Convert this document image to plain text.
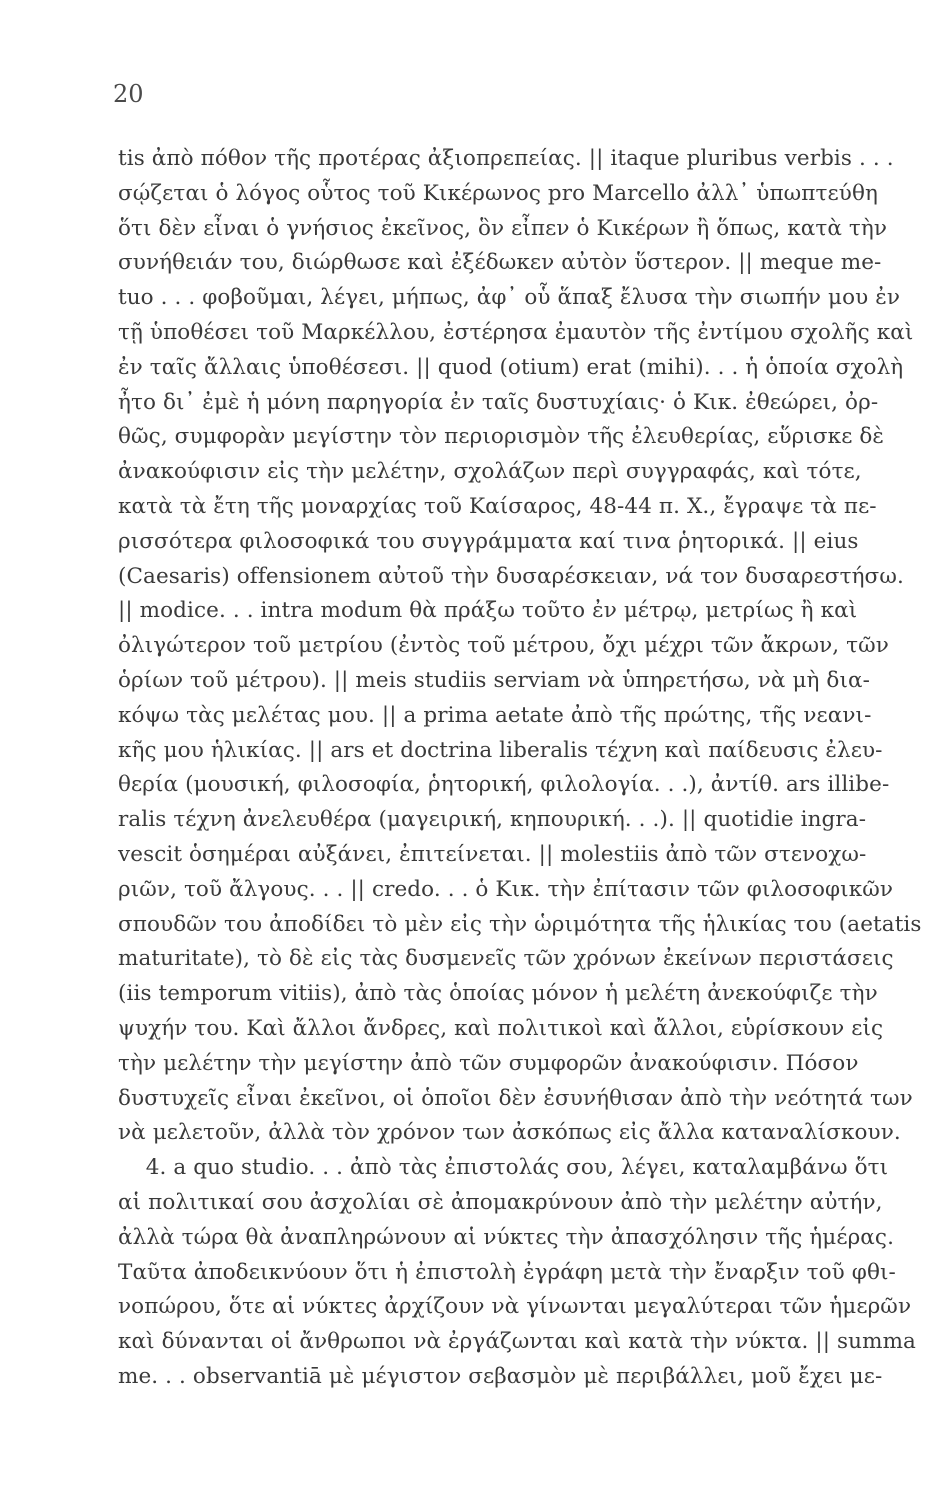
20
tis ἀπὸ πόθον τῆς προτέρας ἀξιοπρεπείας. || itaque pluribus verbis . . .
σῴζεται ὁ λόγος οὗτος τοῦ Κικέρωνος pro Marcello ἀλλ᾽ ὑπωπτεύθη
ὅτι δὲν εἶναι ὁ γνήσιος ἐκεῖνος, ὃν εἶπεν ὁ Κικέρων ἢ ὅπως, κατὰ τὴν
συνήθειάν του, διώρθωσε καὶ ἐξέδωκεν αὐτὸν ὕστερον. || meque me-
tuo . . . φοβοῦμαι, λέγει, μήπως, ἀφ᾽ οὗ ἅπαξ ἔλυσα τὴν σιωπήν μου ἐν
τῇ ὑποθέσει τοῦ Μαρκέλλου, ἐστέρησα ἐμαυτὸν τῆς ἐντίμου σχολῆς καὶ
ἐν ταῖς ἄλλαις ὑποθέσεσι. || quod (otium) erat (mihi). . . ἡ ὁποία σχολὴ
ἦτο δι᾽ ἐμὲ ἡ μόνη παρηγορία ἐν ταῖς δυστυχίαις· ὁ Κικ. ἐθεώρει, ὀρ-
θῶς, συμφορὰν μεγίστην τὸν περιορισμὸν τῆς ἐλευθερίας, εὕρισκε δὲ
ἀνακούφισιν εἰς τὴν μελέτην, σχολάζων περὶ συγγραφάς, καὶ τότε,
κατὰ τὰ ἔτη τῆς μοναρχίας τοῦ Καίσαρος, 48-44 π. Χ., ἔγραψε τὰ πε-
ρισσότερα φιλοσοφικά του συγγράμματα καί τινα ῥητορικά. || eius
(Caesaris) offensionem αὐτοῦ τὴν δυσαρέσκειαν, νά τον δυσαρεστήσω.
|| modice. . . intra modum θὰ πράξω τοῦτο ἐν μέτρῳ, μετρίως ἢ καὶ
ὀλιγώτερον τοῦ μετρίου (ἐντὸς τοῦ μέτρου, ὄχι μέχρι τῶν ἄκρων, τῶν
ὁρίων τοῦ μέτρου). || meis studiis serviam νὰ ὑπηρετήσω, νὰ μὴ δια-
κόψω τὰς μελέτας μου. || a prima aetate ἀπὸ τῆς πρώτης, τῆς νεανι-
κῆς μου ἡλικίας. || ars et doctrina liberalis τέχνη καὶ παίδευσις ἐλευ-
θερία (μουσική, φιλοσοφία, ῥητορική, φιλολογία. . .), ἀντίθ. ars illibe-
ralis τέχνη ἀνελευθέρα (μαγειρική, κηπουρική. . .). || quotidie ingra-
vescit ὁσημέραι αὐξάνει, ἐπιτείνεται. || molestiis ἀπὸ τῶν στενοχω-
ριῶν, τοῦ ἄλγους. . . || credo. . . ὁ Κικ. τὴν ἐπίτασιν τῶν φιλοσοφικῶν
σπουδῶν του ἀποδίδει τὸ μὲν εἰς τὴν ὡριμότητα τῆς ἡλικίας του (aetatis
maturitate), τὸ δὲ εἰς τὰς δυσμενεῖς τῶν χρόνων ἐκείνων περιστάσεις
(iis temporum vitiis), ἀπὸ τὰς ὁποίας μόνον ἡ μελέτη ἀνεκούφιζε τὴν
ψυχήν του. Καὶ ἄλλοι ἄνδρες, καὶ πολιτικοὶ καὶ ἄλλοι, εὑρίσκουν εἰς
τὴν μελέτην τὴν μεγίστην ἀπὸ τῶν συμφορῶν ἀνακούφισιν. Πόσον
δυστυχεῖς εἶναι ἐκεῖνοι, οἱ ὁποῖοι δὲν ἐσυνήθισαν ἀπὸ τὴν νεότητά των
νὰ μελετοῦν, ἀλλὰ τὸν χρόνον των ἀσκόπως εἰς ἄλλα καταναλίσκουν.
4. a quo studio. . . ἀπὸ τὰς ἐπιστολάς σου, λέγει, καταλαμβάνω ὅτι
αἱ πολιτικαί σου ἀσχολίαι σὲ ἀπομακρύνουν ἀπὸ τὴν μελέτην αὐτήν,
ἀλλὰ τώρα θὰ ἀναπληρώνουν αἱ νύκτες τὴν ἀπασχόλησιν τῆς ἡμέρας.
Ταῦτα ἀποδεικνύουν ὅτι ἡ ἐπιστολὴ ἐγράφη μετὰ τὴν ἔναρξιν τοῦ φθι-
νοπώρου, ὅτε αἱ νύκτες ἀρχίζουν νὰ γίνωνται μεγαλύτεραι τῶν ἡμερῶν
καὶ δύνανται οἱ ἄνθρωποι νὰ ἐργάζωνται καὶ κατὰ τὴν νύκτα. || summa
me. . . observantiā μὲ μέγιστον σεβασμὸν μὲ περιβάλλει, μοῦ ἔχει με-
